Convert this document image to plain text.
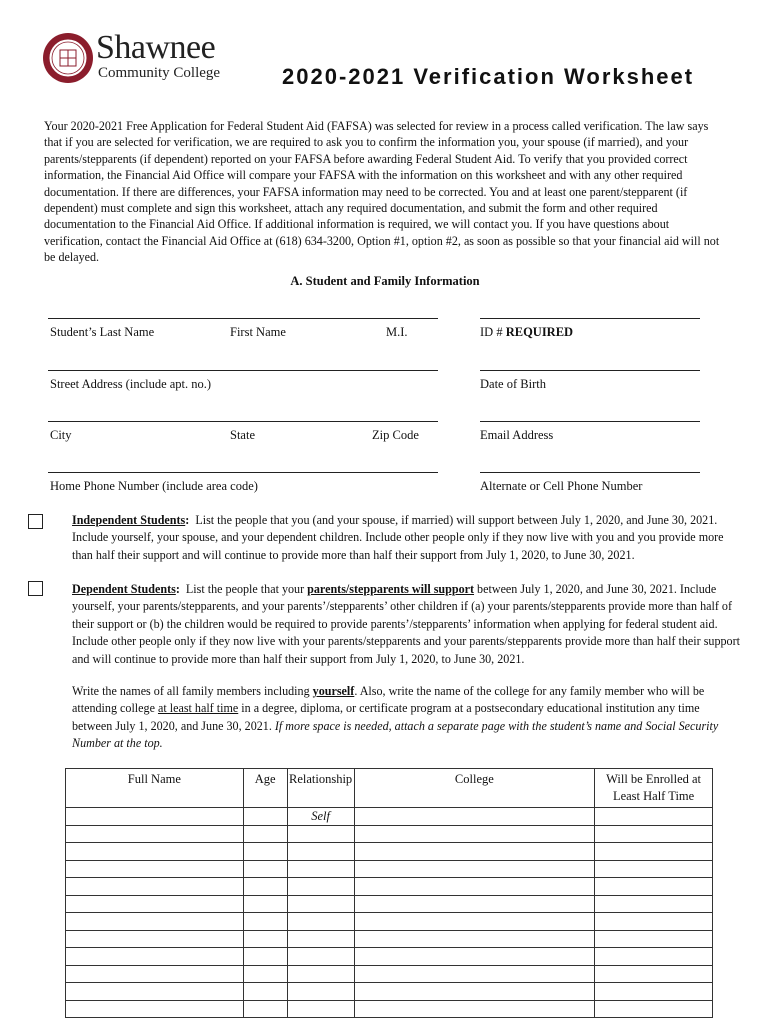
Shawnee
Community College	2020-2021 Verification Worksheet

Your 2020-2021 Free Application for Federal Student Aid (FAFSA) was selected for review in a process called verification. The law says that if you are selected for verification, we are required to ask you to confirm the information you, your spouse (if married), and your parents/stepparents (if dependent) reported on your FAFSA before awarding Federal Student Aid. To verify that you provided correct information, the Financial Aid Office will compare your FAFSA with the information on this worksheet and with any other required documentation. If there are differences, your FAFSA information may need to be corrected. You and at least one parent/stepparent (if dependent) must complete and sign this worksheet, attach any required documentation, and submit the form and other required documentation to the Financial Aid Office. If additional information is required, we will contact you. If you have questions about verification, contact the Financial Aid Office at (618) 634-3200, Option #1, option #2, as soon as possible so that your financial aid will not be delayed.

A. Student and Family Information
Student’s Last Name	First Name	M.I.	ID # REQUIRED
Street Address (include apt. no.)	Date of Birth
City	State	Zip Code	Email Address
Home Phone Number (include area code)	Alternate or Cell Phone Number

Independent Students: List the people that you (and your spouse, if married) will support between July 1, 2020, and June 30, 2021. Include yourself, your spouse, and your dependent children. Include other people only if they now live with you and you provide more than half their support and will continue to provide more than half their support from July 1, 2020, to June 30, 2021.

Dependent Students: List the people that your parents/stepparents will support between July 1, 2020, and June 30, 2021. Include yourself, your parents/stepparents, and your parents’/stepparents’ other children if (a) your parents/stepparents provide more than half of their support or (b) the children would be required to provide parents’/stepparents’ information when applying for federal student aid. Include other people only if they now live with your parents/stepparents and your parents/stepparents provide more than half their support and will continue to provide more than half their support from July 1, 2020, to June 30, 2021.

Write the names of all family members including yourself. Also, write the name of the college for any family member who will be attending college at least half time in a degree, diploma, or certificate program at a postsecondary educational institution any time between July 1, 2020, and June 30, 2021. If more space is needed, attach a separate page with the student’s name and Social Security Number at the top.

Full Name	Age	Relationship	College	Will be Enrolled at Least Half Time
		Self		
